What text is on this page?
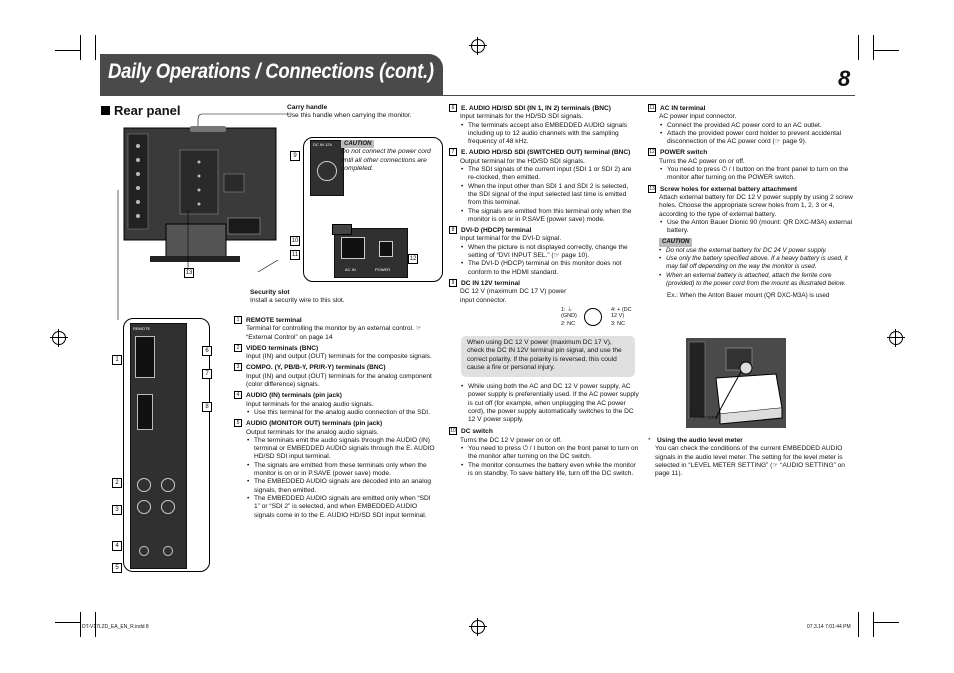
Daily Operations / Connections (cont.)	8
Rear panel	Carry handle
Use this handle when carrying the monitor.
13
Security slot
Install a security wire to this slot.
DC IN 12V
AC IN	POWER
CAUTION
Do not connect the power cord until all other connections are completed.
9
10
11
12
REMOTE
1
2
3
4
5
6
7
8
1 REMOTE terminal
Terminal for controlling the monitor by an external control. ☞ “External Control” on page 14
2 VIDEO terminals (BNC)
Input (IN) and output (OUT) terminals for the composite signals.
3 COMPO. (Y, PB/B-Y, PR/R-Y) terminals (BNC)
Input (IN) and output (OUT) terminals for the analog component (color difference) signals.
4 AUDIO (IN) terminals (pin jack)
Input terminals for the analog audio signals.
• Use this terminal for the analog audio connection of the SDI.
5 AUDIO (MONITOR OUT) terminals (pin jack)
Output terminals for the analog audio signals.
• The terminals emit the audio signals through the AUDIO (IN) terminal or EMBEDDED AUDIO signals through the E. AUDIO HD/SD SDI input terminal.
• The signals are emitted from these terminals only when the monitor is on or in P.SAVE (power save) mode.
• The EMBEDDED AUDIO signals are decoded into an analog signals, then emitted.
• The EMBEDDED AUDIO signals are emitted only when “SDI 1” or “SDI 2” is selected, and when EMBEDDED AUDIO signals come in to the E. AUDIO HD/SD SDI input terminal.
6 E. AUDIO HD/SD SDI (IN 1, IN 2) terminals (BNC)
Input terminals for the HD/SD SDI signals.
• The terminals accept also EMBEDDED AUDIO signals including up to 12 audio channels with the sampling frequency of 48 kHz.
7 E. AUDIO HD/SD SDI (SWITCHED OUT) terminal (BNC)
Output terminal for the HD/SD SDI signals.
• The SDI signals of the current input (SDI 1 or SDI 2) are re-clocked, then emitted.
• When the input other than SDI 1 and SDI 2 is selected, the SDI signal of the input selected last time is emitted from this terminal.
• The signals are emitted from this terminal only when the monitor is on or in P.SAVE (power save) mode.
8 DVI-D (HDCP) terminal
Input terminal for the DVI-D signal.
• When the picture is not displayed correctly, change the setting of “DVI INPUT SEL.” (☞ page 10).
• The DVI-D (HDCP) terminal on this monitor does not conform to the HDMI standard.
9 DC IN 12V terminal
DC 12 V (maximum DC 17 V) power input connector.
1: ⏚ (GND)
2: NC
4: + (DC 12 V)
3: NC
When using DC 12 V power (maximum DC 17 V), check the DC IN 12V terminal pin signal, and use the correct polarity. If the polarity is reversed, this could cause a fire or personal injury.
• While using both the AC and DC 12 V power supply, AC power supply is preferentially used. If the AC power supply is cut off (for example, when unplugging the AC power cord), the power supply automatically switches to the DC 12 V power supply.
10 DC switch
Turns the DC 12 V power on or off.
• You need to press ⏻ / I button on the front panel to turn on the monitor after turning on the DC switch.
• The monitor consumes the battery even while the monitor is on standby. To save battery life, turn off the DC switch.
11 AC IN terminal
AC power input connector.
• Connect the provided AC power cord to an AC outlet.
• Attach the provided power cord holder to prevent accidental disconnection of the AC power cord (☞ page 9).
12 POWER switch
Turns the AC power on or off.
• You need to press ⏻ / I button on the front panel to turn on the monitor after turning on the POWER switch.
13 Screw holes for external battery attachment
Attach external battery for DC 12 V power supply by using 2 screw holes. Choose the appropriate screw holes from 1, 2, 3 or 4, according to the type of external battery.
• Use the Anton Bauer Dionic 90 (mount: QR DXC-M3A) external battery.
CAUTION
• Do not use the external battery for DC 24 V power supply.
• Use only the battery specified above. If a heavy battery is used, it may fall off depending on the way the monitor is used.
• When an external battery is attached, attach the ferrite core (provided) to the power cord from the mount as illustrated below.
Ex.: When the Anton Bauer mount (QR DXC-M3A) is used
Ferrite core
* Using the audio level meter
You can check the conditions of the current EMBEDDED AUDIO signals in the audio level meter. The setting for the level meter is selected in “LEVEL METER SETTING” (☞ “AUDIO SETTING” on page 11).
DT-V17L2D_EA_EN_R.indd 8	07.3.14 7:01:44 PM
